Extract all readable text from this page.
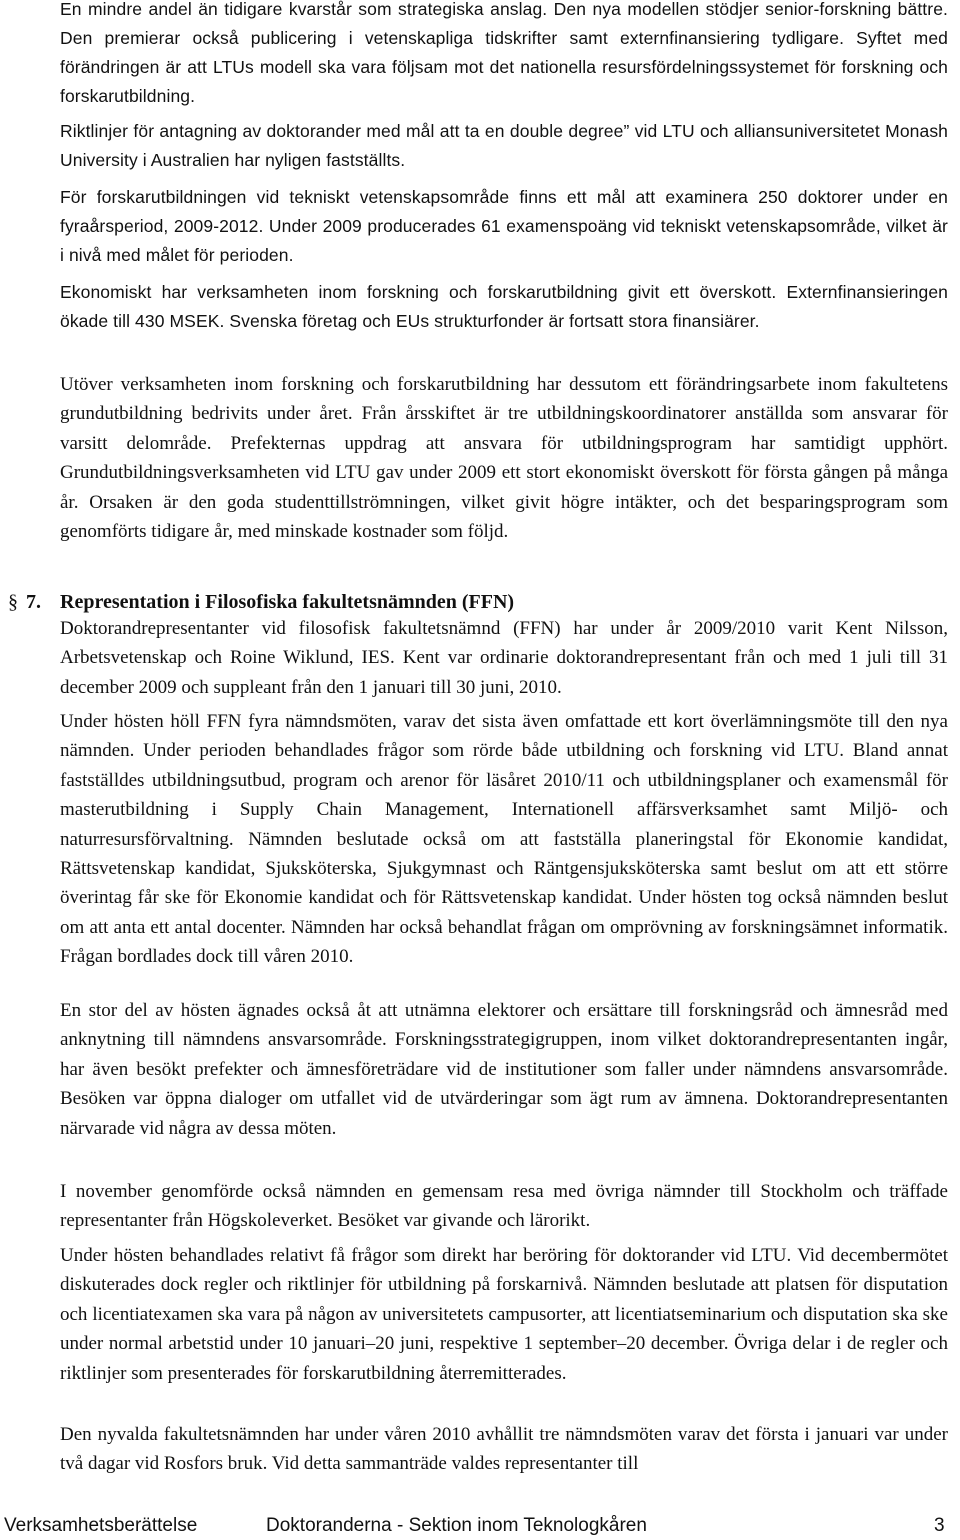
En mindre andel än tidigare kvarstår som strategiska anslag. Den nya modellen stödjer senior-forskning bättre. Den premierar också publicering i vetenskapliga tidskrifter samt externfinansiering tydligare. Syftet med förändringen är att LTUs modell ska vara följsam mot det nationella resursfördelningssystemet för forskning och forskarutbildning.

Riktlinjer för antagning av doktorander med mål att ta en double degree” vid LTU och alliansuniversitetet Monash University i Australien har nyligen fastställts.

För forskarutbildningen vid tekniskt vetenskapsområde finns ett mål att examinera 250 doktorer under en fyraårsperiod, 2009-2012. Under 2009 producerades 61 examenspoäng vid tekniskt vetenskapsområde, vilket är i nivå med målet för perioden.

Ekonomiskt har verksamheten inom forskning och forskarutbildning givit ett överskott. Externfinansieringen ökade till 430 MSEK. Svenska företag och EUs strukturfonder är fortsatt stora finansiärer.

Utöver verksamheten inom forskning och forskarutbildning har dessutom ett förändringsarbete inom fakultetens grundutbildning bedrivits under året. Från årsskiftet är tre utbildningskoordinatorer anställda som ansvarar för varsitt delområde. Prefekternas uppdrag att ansvara för utbildningsprogram har samtidigt upphört. Grundutbildningsverksamheten vid LTU gav under 2009 ett stort ekonomiskt överskott för första gången på många år. Orsaken är den goda studenttillströmningen, vilket givit högre intäkter, och det besparingsprogram som genomförts tidigare år, med minskade kostnader som följd.

§ 7. Representation i Filosofiska fakultetsnämnden (FFN)

Doktorandrepresentanter vid filosofisk fakultetsnämnd (FFN) har under år 2009/2010 varit Kent Nilsson, Arbetsvetenskap och Roine Wiklund, IES. Kent var ordinarie doktorandrepresentant från och med 1 juli till 31 december 2009 och suppleant från den 1 januari till 30 juni, 2010.

Under hösten höll FFN fyra nämndsmöten, varav det sista även omfattade ett kort överlämningsmöte till den nya nämnden. Under perioden behandlades frågor som rörde både utbildning och forskning vid LTU. Bland annat fastställdes utbildningsutbud, program och arenor för läsåret 2010/11 och utbildningsplaner och examensmål för masterutbildning i Supply Chain Management, Internationell affärsverksamhet samt Miljö- och naturresursförvaltning. Nämnden beslutade också om att fastställa planeringstal för Ekonomie kandidat, Rättsvetenskap kandidat, Sjuksköterska, Sjukgymnast och Räntgensjuksköterska samt beslut om att ett större överintag får ske för Ekonomie kandidat och för Rättsvetenskap kandidat. Under hösten tog också nämnden beslut om att anta ett antal docenter. Nämnden har också behandlat frågan om omprövning av forskningsämnet informatik. Frågan bordlades dock till våren 2010.

En stor del av hösten ägnades också åt att utnämna elektorer och ersättare till forskningsråd och ämnesråd med anknytning till nämndens ansvarsområde. Forskningsstrategigruppen, inom vilket doktorandrepresentanten ingår, har även besökt prefekter och ämnesföreträdare vid de institutioner som faller under nämndens ansvarsområde. Besöken var öppna dialoger om utfallet vid de utvärderingar som ägt rum av ämnena. Doktorandrepresentanten närvarade vid några av dessa möten.

I november genomförde också nämnden en gemensam resa med övriga nämnder till Stockholm och träffade representanter från Högskoleverket. Besöket var givande och lärorikt.

Under hösten behandlades relativt få frågor som direkt har beröring för doktorander vid LTU. Vid decembermötet diskuterades dock regler och riktlinjer för utbildning på forskarnivå. Nämnden beslutade att platsen för disputation och licentiatexamen ska vara på någon av universitetets campusorter, att licentiatseminarium och disputation ska ske under normal arbetstid under 10 januari–20 juni, respektive 1 september–20 december. Övriga delar i de regler och riktlinjer som presenterades för forskarutbildning återremitterades.

Den nyvalda fakultetsnämnden har under våren 2010 avhållit tre nämndsmöten varav det första i januari var under två dagar vid Rosfors bruk. Vid detta sammanträde valdes representanter till

Verksamhetsberättelse	Doktoranderna - Sektion inom Teknologkåren	3
